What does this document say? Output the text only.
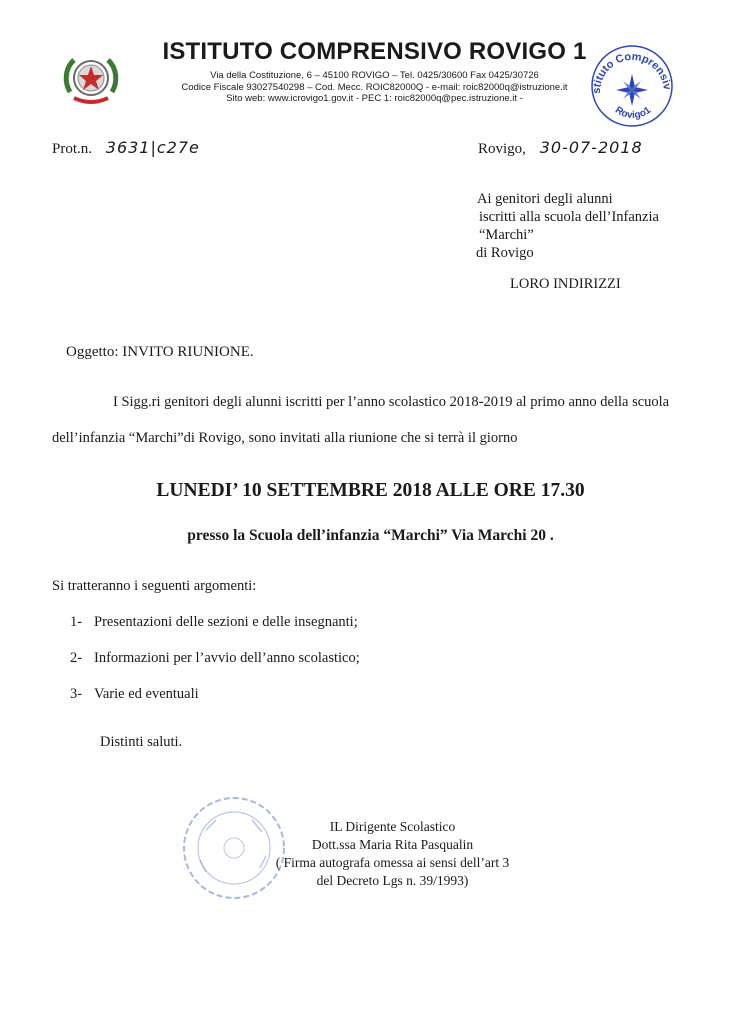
ISTITUTO COMPRENSIVO ROVIGO 1
Via della Costituzione, 6 – 45100 ROVIGO – Tel. 0425/30600 Fax 0425/30726
Codice Fiscale 93027540298 – Cod. Mecc. ROIC82000Q - e-mail: roic82000q@istruzione.it
Sito web: www.icrovigo1.gov.it - PEC 1: roic82000q@pec.istruzione.it -
stituto Comprensiv
Rovigo1
Prot.n. 3631|c27e	Rovigo, 30-07-2018
Ai genitori degli alunni
iscritti alla scuola dell’Infanzia
“Marchi”
di Rovigo
LORO INDIRIZZI
Oggetto: INVITO RIUNIONE.
I Sigg.ri genitori degli alunni iscritti per l’anno scolastico 2018-2019 al primo anno della scuola
dell’infanzia “Marchi”di Rovigo, sono invitati alla riunione che si terrà il giorno
LUNEDI’ 10 SETTEMBRE 2018 ALLE ORE 17.30
presso la Scuola dell’infanzia “Marchi” Via Marchi 20 .
Si tratteranno i seguenti argomenti:
1- Presentazioni delle sezioni e delle insegnanti;
2- Informazioni per l’avvio dell’anno scolastico;
3- Varie ed eventuali
Distinti saluti.
IL Dirigente Scolastico
Dott.ssa Maria Rita Pasqualin
( Firma autografa omessa ai sensi dell’art 3
del Decreto Lgs n. 39/1993)
